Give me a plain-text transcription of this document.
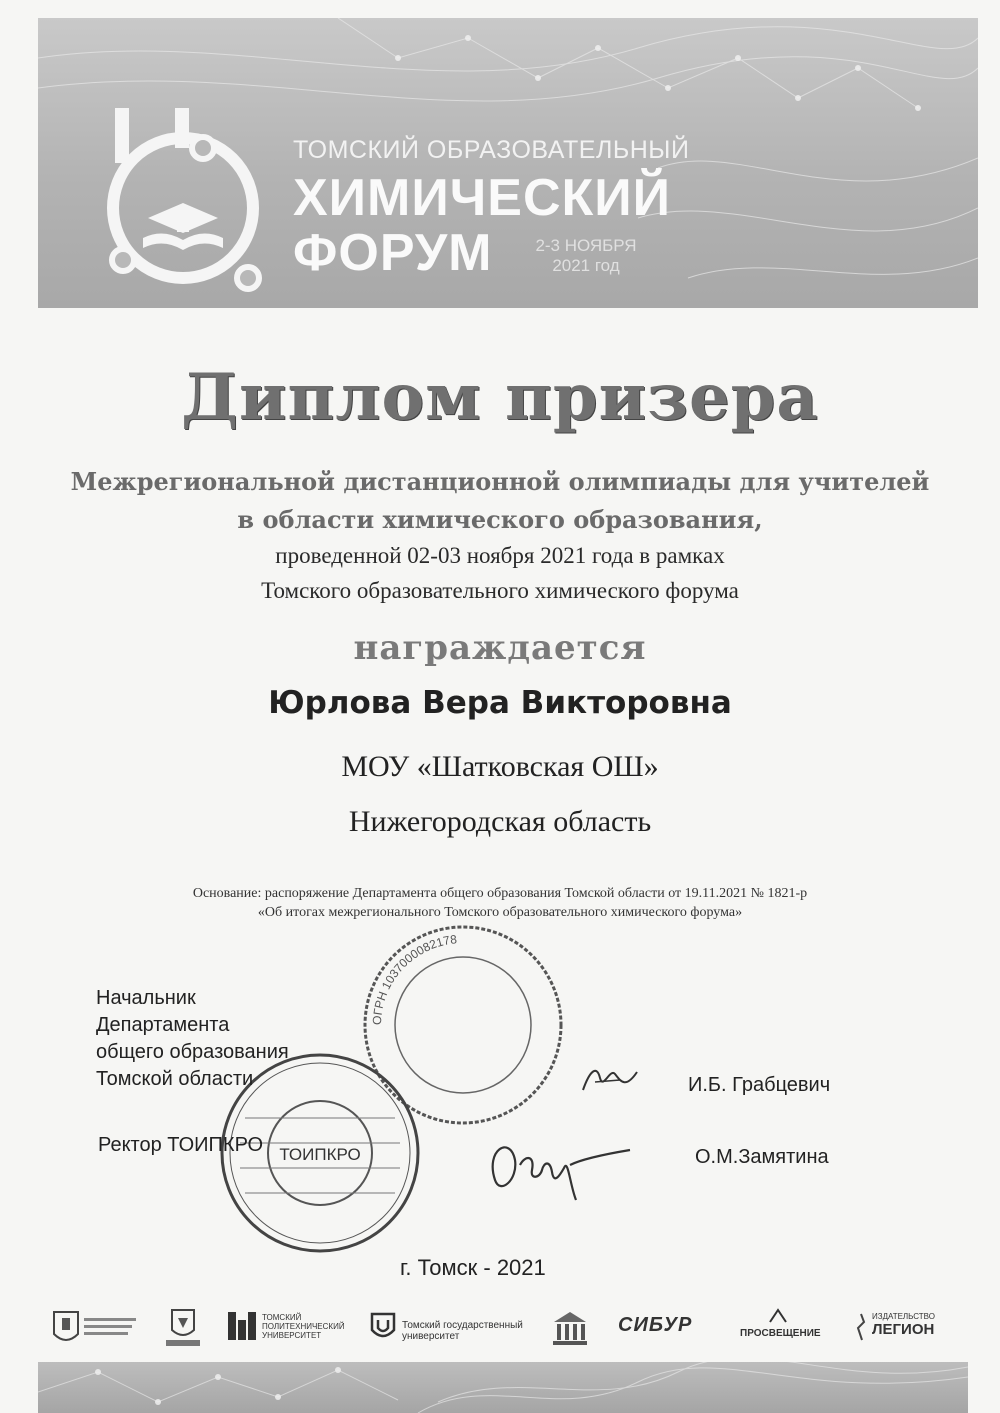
ТОМСКИЙ ОБРАЗОВАТЕЛЬНЫЙ
ХИМИЧЕСКИЙ
ФОРУМ	2-3 НОЯБРЯ
2021 год
Диплом призера
Межрегиональной дистанционной олимпиады для учителей
в области химического образования,
проведенной 02-03 ноября 2021 года в рамках
Томского образовательного химического форума
награждается
Юрлова Вера Викторовна
МОУ «Шатковская ОШ»
Нижегородская область
Основание: распоряжение Департамента общего образования Томской области от 19.11.2021 № 1821-р
«Об итогах межрегионального Томского образовательного химического форума»
ОГРН 1037000082178
ТОИПКРО
Начальник
Департамента
общего образования
Томской области	И.Б. Грабцевич
Ректор ТОИПКРО
О.М.Замятина
г. Томск - 2021
ТОМСКИЙ
ПОЛИТЕХНИЧЕСКИЙ
УНИВЕРСИТЕТ
Томский государственный университет
СИБУР	ПРОСВЕЩЕНИЕ
ИЗДАТЕЛЬСТВО
ЛЕГИОН
